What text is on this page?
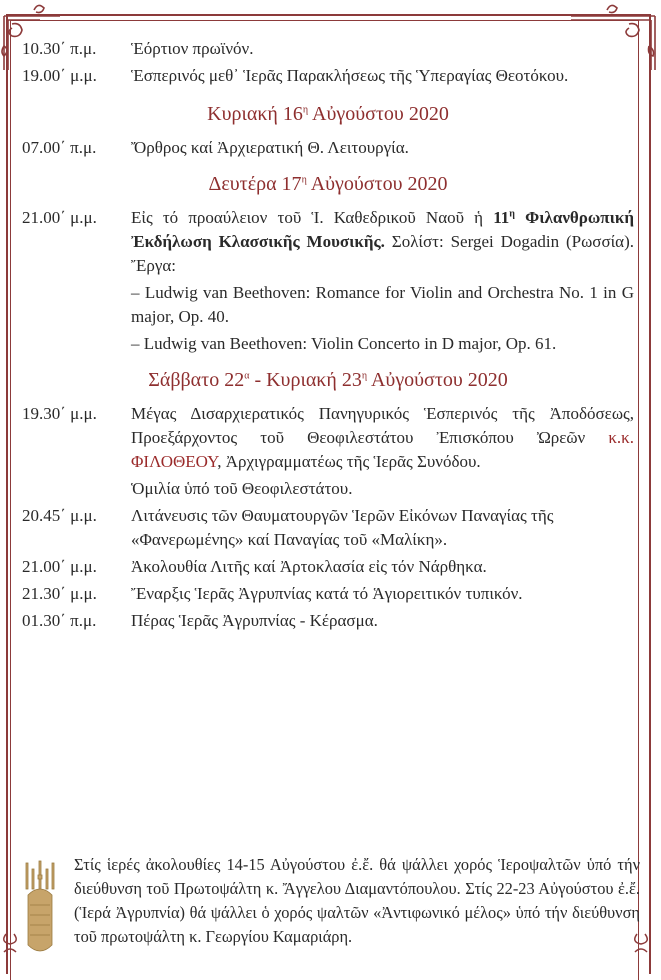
10.30΄ π.μ.	Ἑόρτιον πρωϊνόν.
19.00΄ μ.μ.	Ἑσπερινός μεθ᾽ Ἱερᾶς Παρακλήσεως τῆς Ὑπεραγίας Θεοτόκου.
Κυριακή $16^\eta$ Αὐγούστου 2020
07.00΄ π.μ.	Ὄρθρος καί Ἀρχιερατική Θ. Λειτουργία.
Δευτέρα $17^\eta$ Αὐγούστου 2020
21.00΄ μ.μ.	Εἰς τό προαύλειον τοῦ Ἱ. Καθεδρικοῦ Ναοῦ ἡ $11^\eta$ Φιλανθρωπική Ἐκδήλωση Κλασσικῆς Μουσικῆς. Σολίστ: Sergei Dogadin (Ρωσσία). Ἔργα:
– Ludwig van Beethoven: Romance for Violin and Orchestra No. 1 in G major, Op. 40.
– Ludwig van Beethoven: Violin Concerto in D major, Op. 61.
Σάββατο $22^\alpha$ - Κυριακή $23^\eta$ Αὐγούστου 2020
19.30΄ μ.μ.	Μέγας Δισαρχιερατικός Πανηγυρικός Ἑσπερινός τῆς Ἀποδόσεως, Προεξάρχοντος τοῦ Θεοφιλεστάτου Ἐπισκόπου Ὠρεῶν κ.κ. ΦΙΛΟΘΕΟΥ, Ἀρχιγραμματέως τῆς Ἱερᾶς Συνόδου.
Ὁμιλία ὑπό τοῦ Θεοφιλεστάτου.
20.45΄ μ.μ.	Λιτάνευσις τῶν Θαυματουργῶν Ἱερῶν Εἰκόνων Παναγίας τῆς «Φανερωμένης» καί Παναγίας τοῦ «Μαλίκη».
21.00΄ μ.μ.	Ἀκολουθία Λιτῆς καί Ἀρτοκλασία εἰς τόν Νάρθηκα.
21.30΄ μ.μ.	Ἔναρξις Ἱερᾶς Ἀγρυπνίας κατά τό Ἁγιορειτικόν τυπικόν.
01.30΄ π.μ.	Πέρας Ἱερᾶς Ἀγρυπνίας - Κέρασμα.
Στίς ἱερές ἀκολουθίες 14-15 Αὐγούστου ἐ.ἔ. θά ψάλλει χορός Ἱεροψαλτῶν ὑπό τήν διεύθυνση τοῦ Πρωτοψάλτη κ. Ἄγγελου Διαμαντόπουλου. Στίς 22-23 Αὐγούστου ἐ.ἔ. (Ἱερά Ἀγρυπνία) θά ψάλλει ὁ χορός ψαλτῶν «Ἀντιφωνικό μέλος» ὑπό τήν διεύθυνση τοῦ πρωτοψάλτη κ. Γεωργίου Καμαριάρη.
